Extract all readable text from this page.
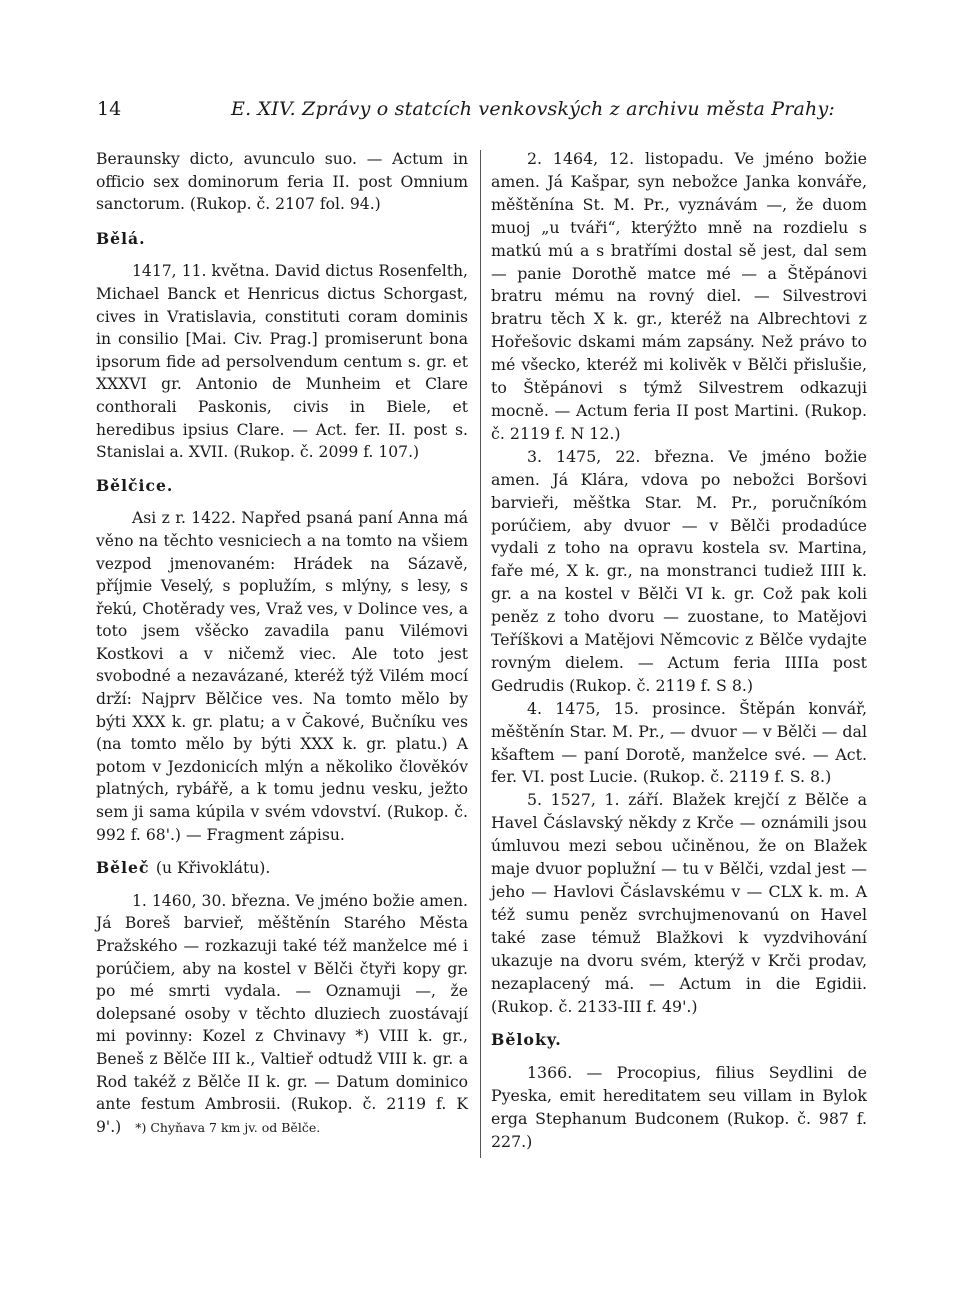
14	E. XIV. Zprávy o statcích venkovských z archivu města Prahy:

Beraunsky dicto, avunculo suo. — Actum in officio sex dominorum feria II. post Omnium sanctorum. (Rukop. č. 2107 fol. 94.)

Bělá.

1417, 11. května. David dictus Rosenfelth, Michael Banck et Henricus dictus Schorgast, cives in Vratislavia, constituti coram dominis in consilio [Mai. Civ. Prag.] promiserunt bona ipsorum fide ad persolvendum centum s. gr. et XXXVI gr. Antonio de Munheim et Clare conthorali Paskonis, civis in Biele, et heredibus ipsius Clare. — Act. fer. II. post s. Stanislai a. XVII. (Rukop. č. 2099 f. 107.)

Bělčice.

Asi z r. 1422. Napřed psaná paní Anna má věno na těchto vesniciech a na tomto na všiem vezpod jmenovaném: Hrádek na Sázavě, příjmie Veselý, s poplužím, s mlýny, s lesy, s řekú, Chotěrady ves, Vraž ves, v Dolince ves, a toto jsem všěcko zavadila panu Vilémovi Kostkovi a v ničemž viec. Ale toto jest svobodné a nezavázané, kteréž týž Vilém mocí drží: Najprv Bělčice ves. Na tomto mělo by býti XXX k. gr. platu; a v Čakové, Bučníku ves (na tomto mělo by býti XXX k. gr. platu.) A potom v Jezdonicích mlýn a několiko člověkóv platných, rybářě, a k tomu jednu vesku, ježto sem ji sama kúpila v svém vdovství. (Rukop. č. 992 f. 68'.) — Fragment zápisu.

Běleč (u Křivoklátu).

1. 1460, 30. března. Ve jméno božie amen. Já Boreš barvieř, měštěnín Starého Města Pražského — rozkazuji také též manželce mé i porúčiem, aby na kostel v Bělči čtyři kopy gr. po mé smrti vydala. — Oznamuji —, že dolepsané osoby v těchto dluziech zuostávají mi povinny: Kozel z Chvinavy *) VIII k. gr., Beneš z Bělče III k., Valtieř odtudž VIII k. gr. a Rod takéž z Bělče II k. gr. — Datum dominico ante festum Ambrosii. (Rukop. č. 2119 f. K 9'.) *) Chyňava 7 km jv. od Bělče.

2. 1464, 12. listopadu. Ve jméno božie amen. Já Kašpar, syn nebožce Janka konváře, měštěnína St. M. Pr., vyznávám —, že duom muoj „u tváři“, kterýžto mně na rozdielu s matkú mú a s bratřími dostal sě jest, dal sem — panie Dorothě matce mé — a Štěpánovi bratru mému na rovný diel. — Silvestrovi bratru těch X k. gr., kteréž na Albrechtovi z Hořešovic dskami mám zapsány. Než právo to mé všecko, kteréž mi kolivěk v Bělči přislušie, to Štěpánovi s týmž Silvestrem odkazuji mocně. — Actum feria II post Martini. (Rukop. č. 2119 f. N 12.)

3. 1475, 22. března. Ve jméno božie amen. Já Klára, vdova po nebožci Boršovi barvieři, měštka Star. M. Pr., poručníkóm porúčiem, aby dvuor — v Bělči prodadúce vydali z toho na opravu kostela sv. Martina, faře mé, X k. gr., na monstranci tudiež IIII k. gr. a na kostel v Bělči VI k. gr. Což pak koli peněz z toho dvoru — zuostane, to Matějovi Teříškovi a Matějovi Němcovic z Bělče vydajte rovným dielem. — Actum feria IIIIa post Gedrudis (Rukop. č. 2119 f. S 8.)

4. 1475, 15. prosince. Štěpán konvář, měštěnín Star. M. Pr., — dvuor — v Bělči — dal kšaftem — paní Dorotě, manželce své. — Act. fer. VI. post Lucie. (Rukop. č. 2119 f. S. 8.)

5. 1527, 1. září. Blažek krejčí z Bělče a Havel Čáslavský někdy z Krče — oznámili jsou úmluvou mezi sebou učiněnou, že on Blažek maje dvuor poplužní — tu v Bělči, vzdal jest — jeho — Havlovi Čáslavskému v — CLX k. m. A též sumu peněz svrchujmenovanú on Havel také zase témuž Blažkovi k vyzdvihování ukazuje na dvoru svém, kterýž v Krči prodav, nezaplacený má. — Actum in die Egidii. (Rukop. č. 2133-III f. 49'.)

Běloky.

1366. — Procopius, filius Seydlini de Pyeska, emit hereditatem seu villam in Bylok erga Stephanum Budconem (Rukop. č. 987 f. 227.)
